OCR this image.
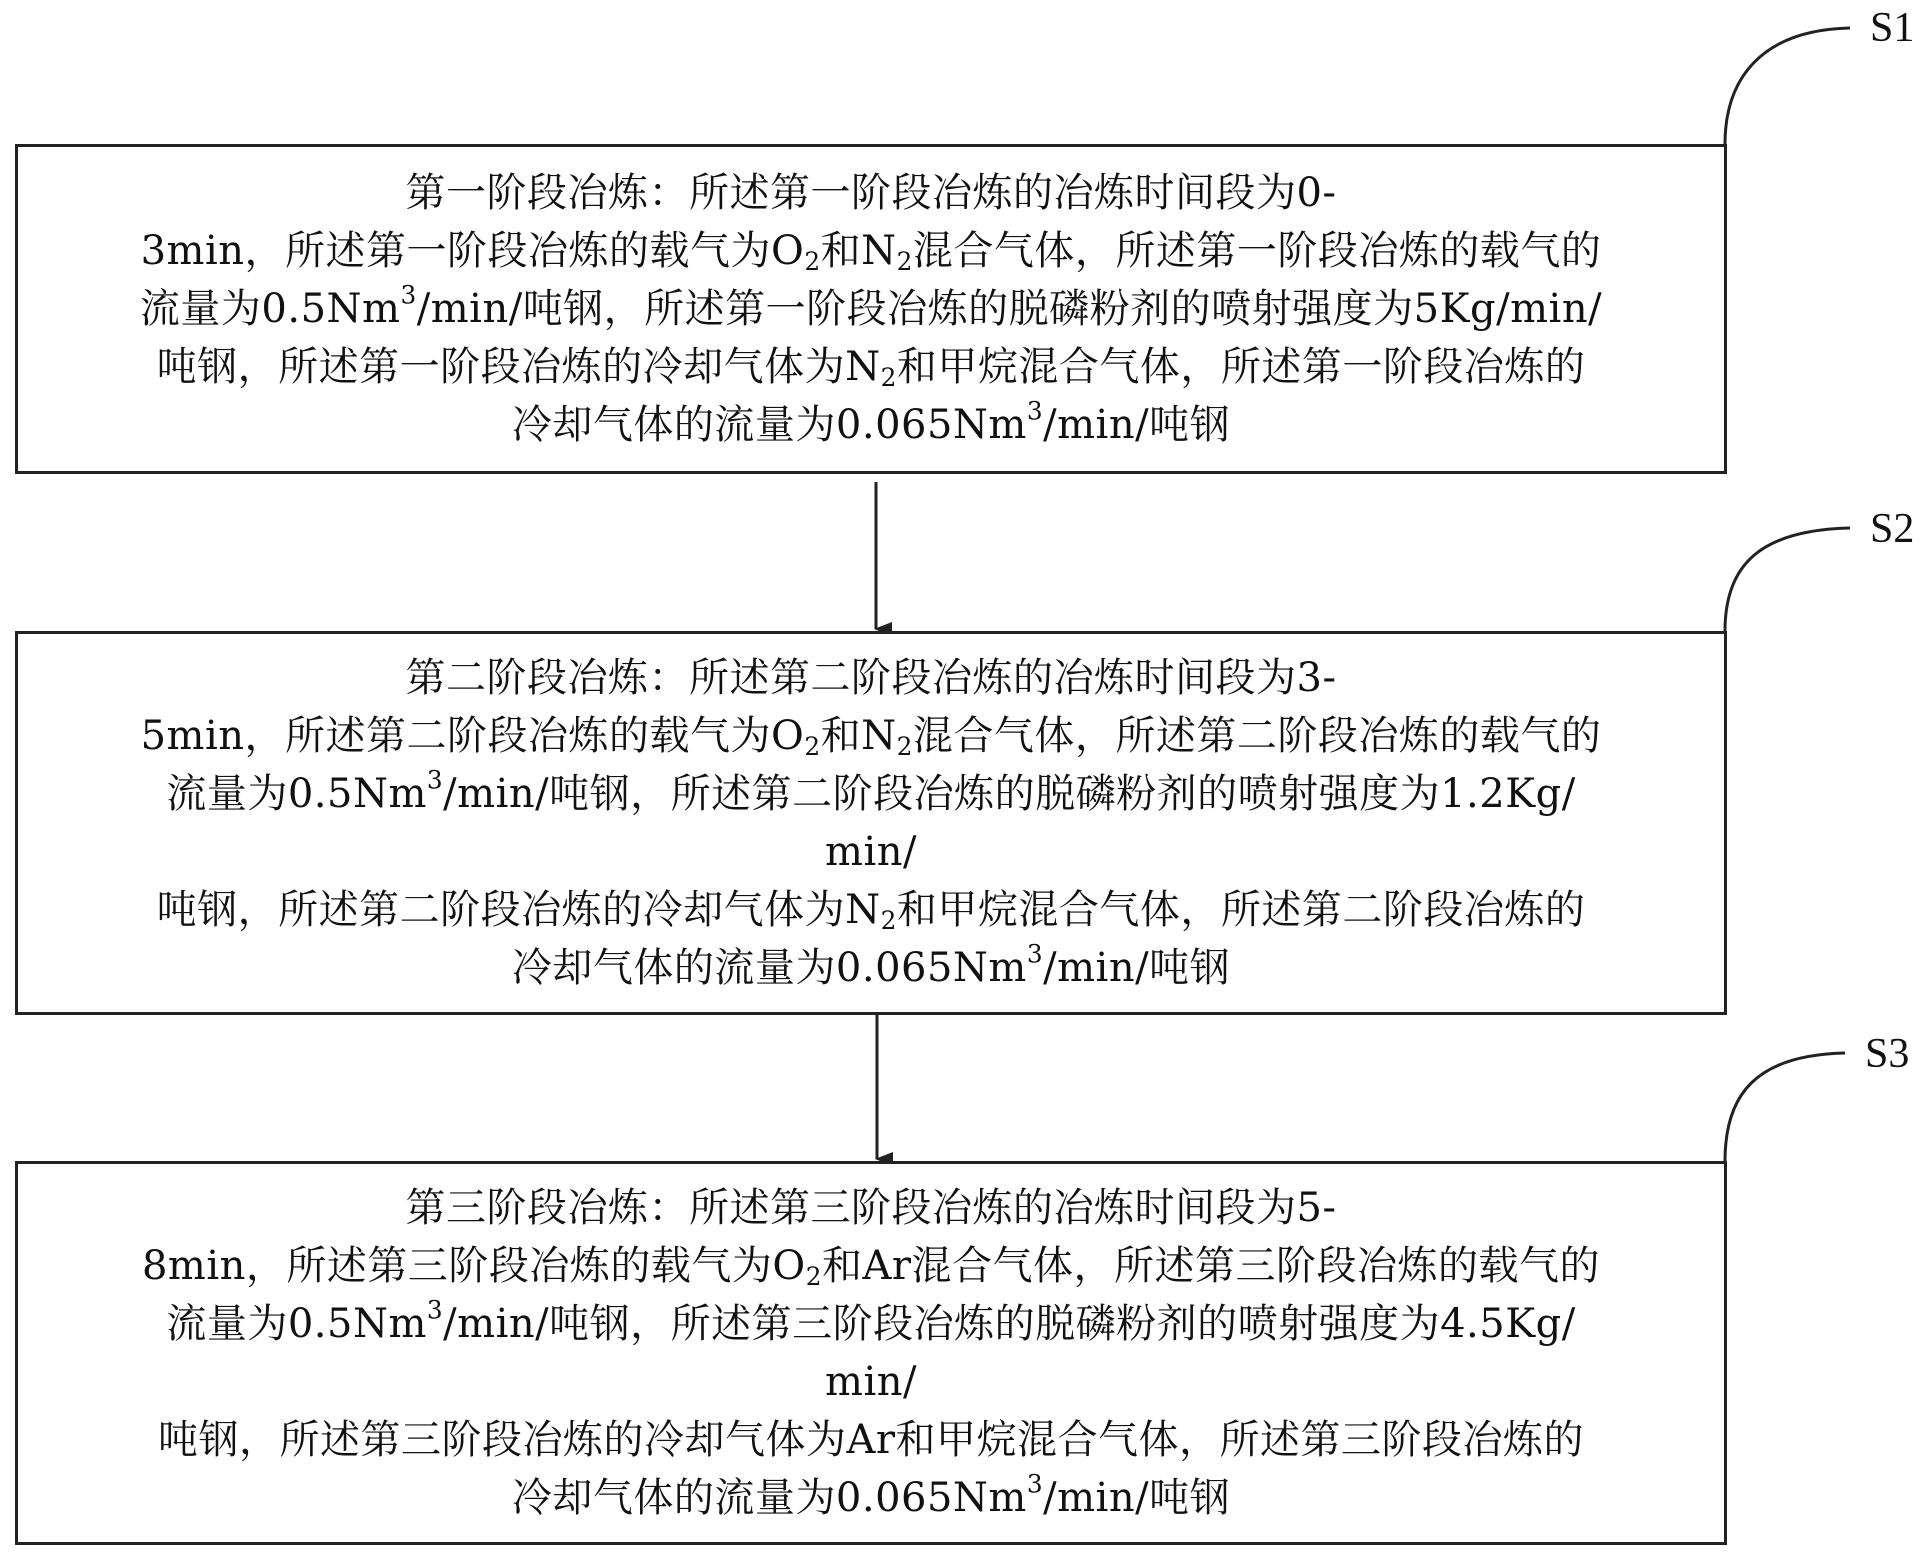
S1
S2
S3
第一阶段冶炼：所述第一阶段冶炼的冶炼时间段为0-
3min，所述第一阶段冶炼的载气为$O_2$和$N_2$混合气体，所述第一阶段冶炼的载气的
流量为0.5Nm$^3$/min/吨钢，所述第一阶段冶炼的脱磷粉剂的喷射强度为5Kg/min/
吨钢，所述第一阶段冶炼的冷却气体为$N_2$和甲烷混合气体，所述第一阶段冶炼的
冷却气体的流量为0.065Nm$^3$/min/吨钢
第二阶段冶炼：所述第二阶段冶炼的冶炼时间段为3-
5min，所述第二阶段冶炼的载气为$O_2$和$N_2$混合气体，所述第二阶段冶炼的载气的
流量为0.5Nm$^3$/min/吨钢，所述第二阶段冶炼的脱磷粉剂的喷射强度为1.2Kg/
min/
吨钢，所述第二阶段冶炼的冷却气体为$N_2$和甲烷混合气体，所述第二阶段冶炼的
冷却气体的流量为0.065Nm$^3$/min/吨钢
第三阶段冶炼：所述第三阶段冶炼的冶炼时间段为5-
8min，所述第三阶段冶炼的载气为$O_2$和Ar混合气体，所述第三阶段冶炼的载气的
流量为0.5Nm$^3$/min/吨钢，所述第三阶段冶炼的脱磷粉剂的喷射强度为4.5Kg/
min/
吨钢，所述第三阶段冶炼的冷却气体为Ar和甲烷混合气体，所述第三阶段冶炼的
冷却气体的流量为0.065Nm$^3$/min/吨钢
